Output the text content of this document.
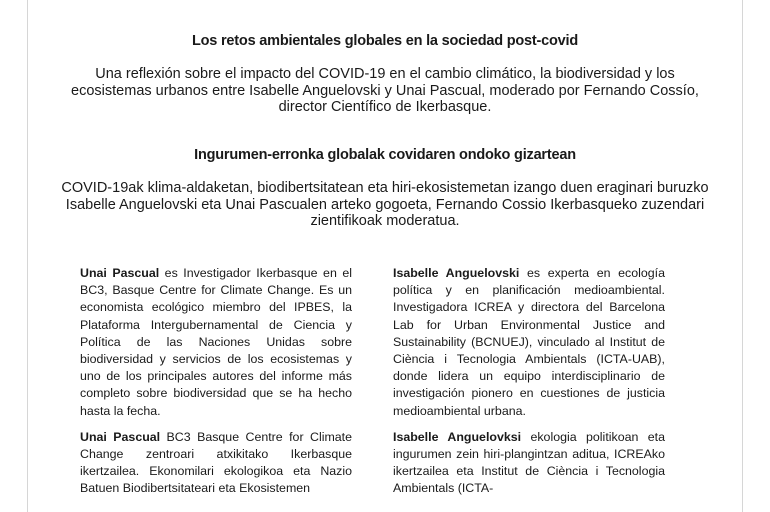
Los retos ambientales globales en la sociedad post-covid
Una reflexión sobre el impacto del COVID-19 en el cambio climático, la biodiversidad y los ecosistemas urbanos entre Isabelle Anguelovski y Unai Pascual, moderado por Fernando Cossío, director Científico de Ikerbasque.
Ingurumen-erronka globalak covidaren ondoko gizartean
COVID-19ak klima-aldaketan, biodibertsitatean eta hiri-ekosistemetan izango duen eraginari buruzko Isabelle Anguelovski eta Unai Pascualen arteko gogoeta, Fernando Cossio Ikerbasqueko zuzendari zientifikoak moderatua.

Unai Pascual es Investigador Ikerbasque en el BC3, Basque Centre for Climate Change. Es un economista ecológico miembro del IPBES, la Plataforma Intergubernamental de Ciencia y Política de las Naciones Unidas sobre biodiversidad y servicios de los ecosistemas y uno de los principales autores del informe más completo sobre biodiversidad que se ha hecho hasta la fecha.

Unai Pascual BC3 Basque Centre for Climate Change zentroari atxikitako Ikerbasque ikertzailea. Ekonomilari ekologikoa eta Nazio Batuen Biodibertsitateari eta Ekosistemen

Isabelle Anguelovski es experta en ecología política y en planificación medioambiental. Investigadora ICREA y directora del Barcelona Lab for Urban Environmental Justice and Sustainability (BCNUEJ), vinculado al Institut de Ciència i Tecnologia Ambientals (ICTA-UAB), donde lidera un equipo interdisciplinario de investigación pionero en cuestiones de justicia medioambiental urbana.

Isabelle Anguelovksi ekologia politikoan eta ingurumen zein hiri-plangintzan aditua, ICREAko ikertzailea eta Institut de Ciència i Tecnologia Ambientals (ICTA-
